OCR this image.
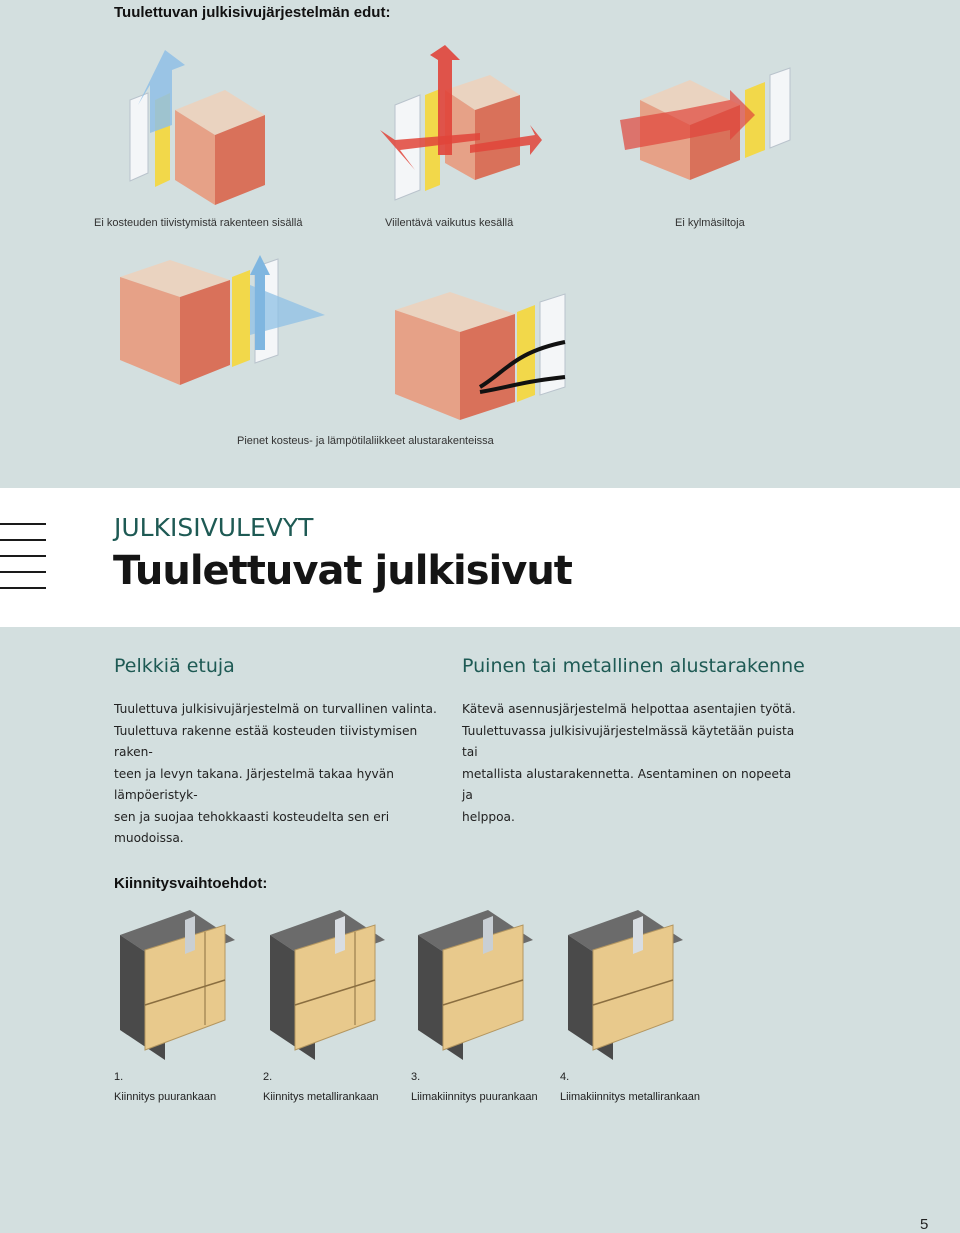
Tuulettuvan julkisivujärjestelmän edut:
Ei kosteuden tiivistymistä rakenteen sisällä	Viilentävä vaikutus kesällä	Ei kylmäsiltoja
Pienet kosteus- ja lämpötilaliikkeet alustarakenteissa
JULKISIVULEVYT
Tuulettuvat julkisivut
Pelkkiä etuja
Tuulettuva julkisivujärjestelmä on turvallinen valinta.
Tuulettuva rakenne estää kosteuden tiivistymisen raken-
teen ja levyn takana. Järjestelmä takaa hyvän lämpöeristyk-
sen ja suojaa tehokkaasti kosteudelta sen eri muodoissa.
Puinen tai metallinen alustarakenne
Kätevä asennusjärjestelmä helpottaa asentajien työtä.
Tuulettuvassa julkisivujärjestelmässä käytetään puista tai
metallista alustarakennetta. Asentaminen on nopeeta ja
helppoa.
Kiinnitysvaihtoehdot:
1.
Kiinnitys puurankaan
2.
Kiinnitys metallirankaan
3.
Liimakiinnitys puurankaan
4.
Liimakiinnitys metallirankaan
5
